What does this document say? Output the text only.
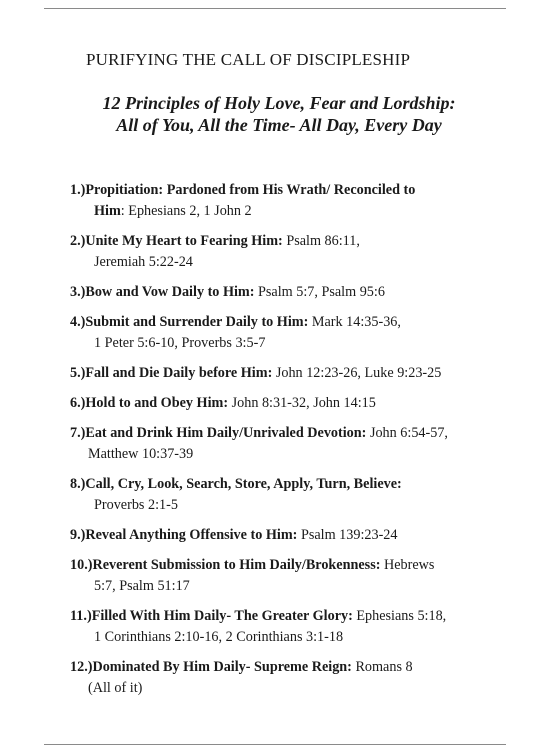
PURIFYING THE CALL OF DISCIPLESHIP
12 Principles of Holy Love, Fear and Lordship:
All of You, All the Time- All Day, Every Day
1.)Propitiation: Pardoned from His Wrath/ Reconciled to
Him: Ephesians 2, 1 John 2
2.)Unite My Heart to Fearing Him: Psalm 86:11,
Jeremiah 5:22-24
3.)Bow and Vow Daily to Him: Psalm 5:7, Psalm 95:6
4.)Submit and Surrender Daily to Him: Mark 14:35-36,
1 Peter 5:6-10, Proverbs 3:5-7
5.)Fall and Die Daily before Him: John 12:23-26, Luke 9:23-25
6.)Hold to and Obey Him: John 8:31-32, John 14:15
7.)Eat and Drink Him Daily/Unrivaled Devotion: John 6:54-57,
Matthew 10:37-39
8.)Call, Cry, Look, Search, Store, Apply, Turn, Believe:
Proverbs 2:1-5
9.)Reveal Anything Offensive to Him: Psalm 139:23-24
10.)Reverent Submission to Him Daily/Brokenness: Hebrews
5:7, Psalm 51:17
11.)Filled With Him Daily- The Greater Glory: Ephesians 5:18,
1 Corinthians 2:10-16, 2 Corinthians 3:1-18
12.)Dominated By Him Daily- Supreme Reign: Romans 8
(All of it)
